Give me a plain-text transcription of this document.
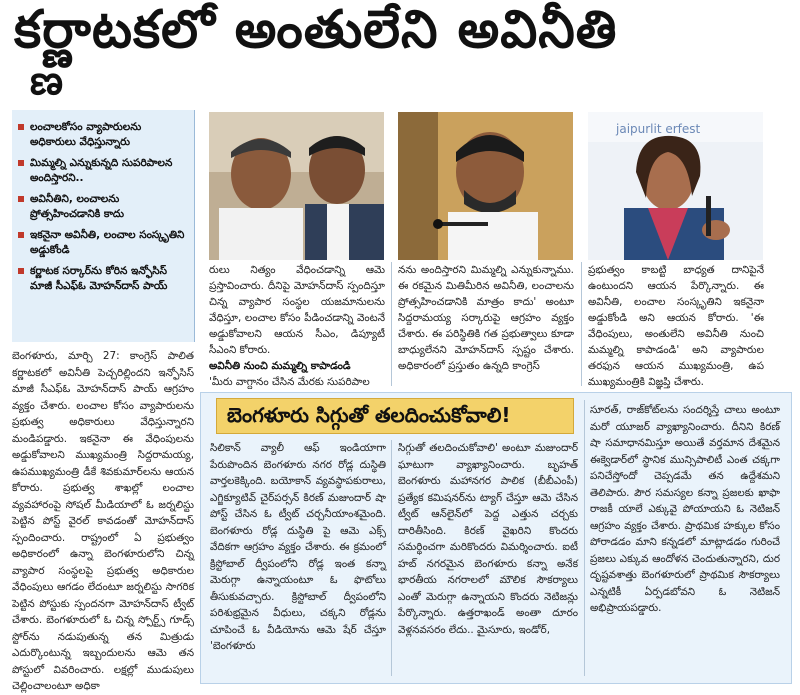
కర్ణాటకలో అంతులేని అవినీతి
ణ
లంచాలకోసం వ్యాపారులను అధికారులు వేధిస్తున్నారు
మిమ్మల్ని ఎన్నుకున్నది సుపరిపాలన అందిస్తారని..
అవినీతిని, లంచాలను ప్రోత్సహించడానికి కాదు
ఇకనైనా అవినీతి, లంచాల సంస్కృతిని అడ్డుకోండి
కర్ణాటక సర్కార్‌ను కోరిన ఇన్ఫోసిస్ మాజీ సీఎఫ్ఓ మోహన్‌దాస్ పాయ్
jaipurlit erfest
రులు నిత్యం వేధించడాన్ని ఆమె ప్రస్తావించారు. దీనిపై మోహన్‌దాస్ స్పందిస్తూ చిన్న వ్యాపార సంస్థల యజమానులను వేధిస్తూ, లంచాల కోసం పీడించడాన్ని వెంటనే అడ్డుకోవాలని ఆయన సీఎం, డిప్యూటీ సీఎంని కోరారు.
అవినీతి నుంచి మమ్మల్ని కాపాడండి
'మీరు వాగ్దానం చేసిన మేరకు సుపరిపాల
నను అందిస్తారని మిమ్మల్ని ఎన్నుకున్నాము. ఈ రకమైన మితిమీరిన అవినీతి, లంచాలను ప్రోత్సహించడానికి మాత్రం కాదు' అంటూ సిద్దరామయ్య సర్కారుపై ఆగ్రహం వ్యక్తం చేశారు. ఈ పరిస్థితికి గత ప్రభుత్వాలు కూడా బాధ్యులేనని మోహన్‌దాస్ స్పష్టం చేశారు. అధికారంలో ప్రస్తుతం ఉన్నది కాంగ్రెస్
ప్రభుత్వం కాబట్టి బాధ్యత దానిపైనే ఉంటుందని ఆయన పేర్కొన్నారు. ఈ అవినీతి, లంచాల సంస్కృతిని ఇకనైనా అడ్డుకోండి అని ఆయన కోరారు. 'ఈ వేధింపులు, అంతులేని అవినీతి నుంచి మమ్మల్ని కాపాడండి' అని వ్యాపారుల తరఫున ఆయన ముఖ్యమంత్రి, ఉప ముఖ్యమంత్రికి విజ్ఞప్తి చేశారు.
బెంగళూరు, మార్చి 27: కాంగ్రెస్ పాలిత కర్ణాటకలో అవినీతి పెచ్చరిల్లిందని ఇన్ఫోసిస్ మాజీ సీఎఫ్ఓ మోహన్‌దాస్ పాయ్ ఆగ్రహం వ్యక్తం చేశారు. లంచాల కోసం వ్యాపారులను ప్రభుత్వ అధికారులు వేధిస్తున్నారని మండిపడ్డారు. ఇకనైనా ఈ వేధింపులను అడ్డుకోవాలని ముఖ్యమంత్రి సిద్దరామయ్య, ఉపముఖ్యమంత్రి డీకే శివకుమార్‌లను ఆయన కోరారు. ప్రభుత్వ శాఖల్లో లంచాల వ్యవహారంపై సోషల్ మీడియాలో ఓ జర్నలిస్టు పెట్టిన పోస్ట్ వైరల్ కావడంతో మోహన్‌దాస్ స్పందించారు. రాష్ట్రంలో ఏ ప్రభుత్వం అధికారంలో ఉన్నా బెంగళూరులోని చిన్న వ్యాపార సంస్థలపై ప్రభుత్వ అధికారుల వేధింపులు ఆగడం లేదంటూ జర్నలిస్టు సాగరిక పెట్టిన పోస్టుకు స్పందనగా మోహన్‌దాస్ ట్వీట్ చేశారు. బెంగళూరులో ఓ చిన్న స్పోర్ట్స్ గూడ్స్ స్టోర్‌ను నడుపుతున్న తన మిత్రుడు ఎదుర్కొంటున్న ఇబ్బందులను ఆమె తన పోస్టులో వివరించారు. లక్షల్లో ముడుపులు చెల్లించాలంటూ అధికా
బెంగళూరు సిగ్గుతో తలదించుకోవాలి!
సిలికాన్ వ్యాలీ ఆఫ్ ఇండియాగా పేరుపొందిన బెంగళూరు నగర రోడ్ల దుస్థితి వార్తలకెక్కింది. బయోకాన్ వ్యవస్థాపకురాలు, ఎగ్జిక్యూటివ్ చైర్‌పర్సన్ కిరణ్ మజుందార్ షా పోస్ట్ చేసిన ఓ ట్వీట్ చర్చనీయాంశమైంది. బెంగళూరు రోడ్ల దుస్థితి పై ఆమె ఎక్స్ వేదికగా ఆగ్రహం వ్యక్తం చేశారు. ఈ క్రమంలో క్రిస్టోబాల్ ద్వీపంలోని రోడ్ల ఇంత కన్నా మెరుగ్గా ఉన్నాయంటూ ఓ ఫొటోలు తీసుకువచ్చారు. క్రిస్టోబాల్ ద్వీపంలోని పరిశుభ్రమైన వీధులు, చక్కని రోడ్లను చూపించే ఓ వీడియోను ఆమె షేర్ చేస్తూ 'బెంగళూరు
సిగ్గుతో తలదించుకోవాలి' అంటూ మజుందార్ ఘాటుగా వ్యాఖ్యానించారు. బృహత్ బెంగళూరు మహానగర పాలిక (బీబీఎంపీ) ప్రత్యేక కమిషనర్‌ను ట్యాగ్ చేస్తూ ఆమె చేసిన ట్వీట్ ఆన్‌లైన్‌లో పెద్ద ఎత్తున చర్చకు దారితీసింది. కిరణ్ వైఖరిని కొందరు సమర్థించగా మరికొందరు విమర్శించారు. ఐటీ హబ్ నగరమైన బెంగళూరు కన్నా అనేక భారతీయ నగరాలలో మౌలిక సౌకర్యాలు ఎంతో మెరుగ్గా ఉన్నాయని కొందరు నెటిజన్లు పేర్కొన్నారు. ఉత్తరాఖండ్ అంతా దూరం వెళ్లనవసరం లేదు.. మైసూరు, ఇండోర్,
సూరత్, రాజ్‌కోట్‌లను సందర్శిస్తే చాలు అంటూ మరో యూజర్ వ్యాఖ్యానించారు. దీనిని కిరణ్ షా సమాధానమిస్తూ అయితే వర్తమాన దేశమైన ఈక్వెడార్‌లో స్థానిక మున్సిపాలిటీ ఎంత చక్కగా పనిచేస్తోందో చెప్పడమే తన ఉద్దేశమని తెలిపారు. పౌర సమస్యల కన్నా ప్రజలకు ఖాఫా రాజకీ యాలే ఎక్కువై పోయాయని ఓ నెటిజన్ ఆగ్రహం వ్యక్తం చేశారు. ప్రాథమిక హక్కుల కోసం పోరాడడం మాని కన్నడలో మాట్లాడడం గురించే ప్రజలు ఎక్కువ ఆందోళన చెందుతున్నారని, దుర దృష్టవశాత్తు బెంగళూరులో ప్రాథమిక సౌకర్యాలు ఎన్నటికీ ఏర్పడబోవని ఓ నెటిజన్ అభిప్రాయపడ్డారు.
